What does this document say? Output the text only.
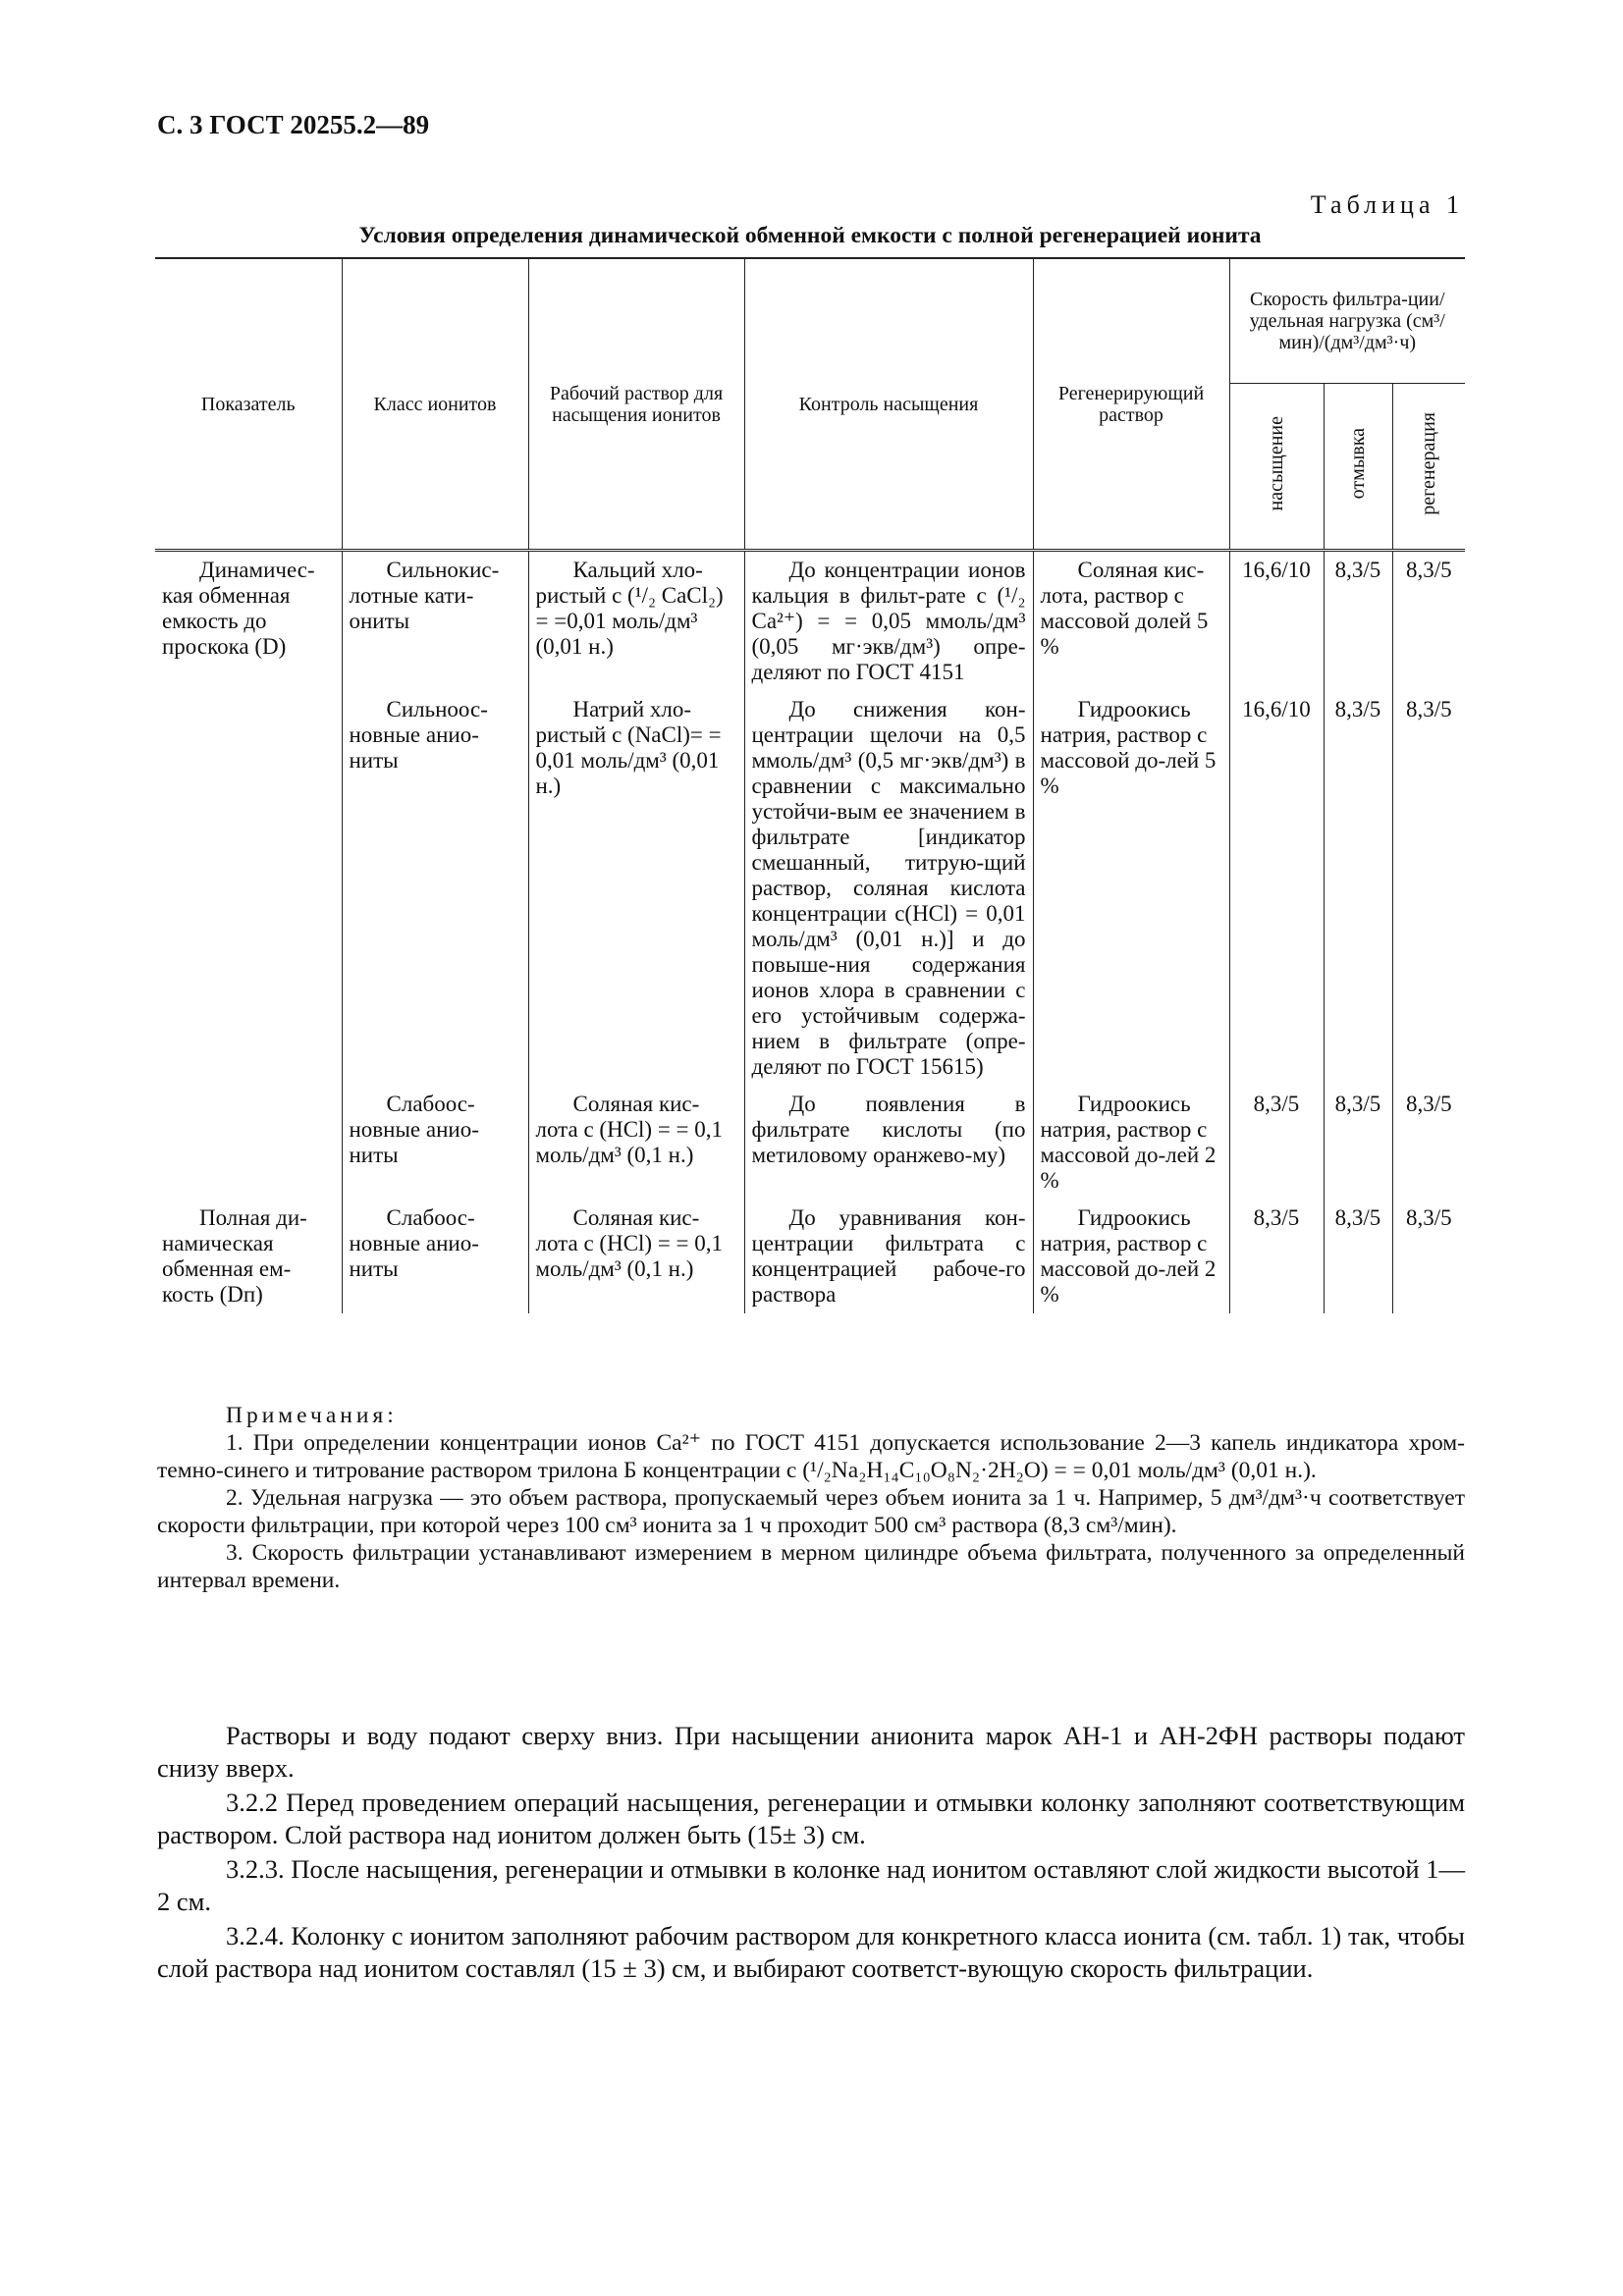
С. 3 ГОСТ 20255.2—89
Таблица 1
Условия определения динамической обменной емкости с полной регенерацией ионита
Показатель	Класс ионитов	Рабочий раствор для насыщения ионитов	Контроль насыщения	Регенерирующий раствор	Скорость фильтра-ции/удельная нагрузка (см³/мин)/(дм³/дм³·ч)		
					насыщение	отмывка	регенерация
Динамичес-кая обменная емкость до проскока (D)	Сильнокис-лотные кати-ониты	Кальций хло-ристый c (¹/₂ CaCl₂) = =0,01 моль/дм³ (0,01 н.)	До концентрации ионов кальция в фильт-рате c (¹/₂ Ca²⁺) = = 0,05 ммоль/дм³ (0,05 мг·экв/дм³) опре-деляют по ГОСТ 4151	Соляная кис-лота, раствор с массовой долей 5 %	16,6/10	8,3/5	8,3/5
	Сильноос-новные анио-ниты	Натрий хло-ристый c (NaCl)= = 0,01 моль/дм³ (0,01 н.)	До снижения кон-центрации щелочи на 0,5 ммоль/дм³ (0,5 мг·экв/дм³) в сравнении с максимально устойчи-вым ее значением в фильтрате [индикатор смешанный, титрую-щий раствор, соляная кислота концентрации c(HCl) = 0,01 моль/дм³ (0,01 н.)] и до повыше-ния содержания ионов хлора в сравнении с его устойчивым содержа-нием в фильтрате (опре-деляют по ГОСТ 15615)	Гидроокись натрия, раствор с массовой до-лей 5 %	16,6/10	8,3/5	8,3/5
	Слабоос-новные анио-ниты	Соляная кис-лота c (HCl) = = 0,1 моль/дм³ (0,1 н.)	До появления в фильтрате кислоты (по метиловому оранжево-му)	Гидроокись натрия, раствор с массовой до-лей 2 %	8,3/5	8,3/5	8,3/5
Полная ди-намическая обменная ем-кость (Dп)	Слабоос-новные анио-ниты	Соляная кис-лота c (HCl) = = 0,1 моль/дм³ (0,1 н.)	До уравнивания кон-центрации фильтрата с концентрацией рабоче-го раствора	Гидроокись натрия, раствор с массовой до-лей 2 %	8,3/5	8,3/5	8,3/5

Примечания:

1. При определении концентрации ионов Ca²⁺ по ГОСТ 4151 допускается использование 2—3 капель индикатора хром-темно-синего и титрование раствором трилона Б концентрации c (¹/₂Na₂H₁₄C₁₀O₈N₂·2H₂O) = = 0,01 моль/дм³ (0,01 н.).

2. Удельная нагрузка — это объем раствора, пропускаемый через объем ионита за 1 ч. Например, 5 дм³/дм³·ч соответствует скорости фильтрации, при которой через 100 см³ ионита за 1 ч проходит 500 см³ раствора (8,3 см³/мин).

3. Скорость фильтрации устанавливают измерением в мерном цилиндре объема фильтрата, полученного за определенный интервал времени.

Растворы и воду подают сверху вниз. При насыщении анионита марок АН-1 и АН-2ФН растворы подают снизу вверх.

3.2.2 Перед проведением операций насыщения, регенерации и отмывки колонку заполняют соответствующим раствором. Слой раствора над ионитом должен быть (15± 3) см.

3.2.3. После насыщения, регенерации и отмывки в колонке над ионитом оставляют слой жидкости высотой 1—2 см.

3.2.4. Колонку с ионитом заполняют рабочим раствором для конкретного класса ионита (см. табл. 1) так, чтобы слой раствора над ионитом составлял (15 ± 3) см, и выбирают соответст-вующую скорость фильтрации.
